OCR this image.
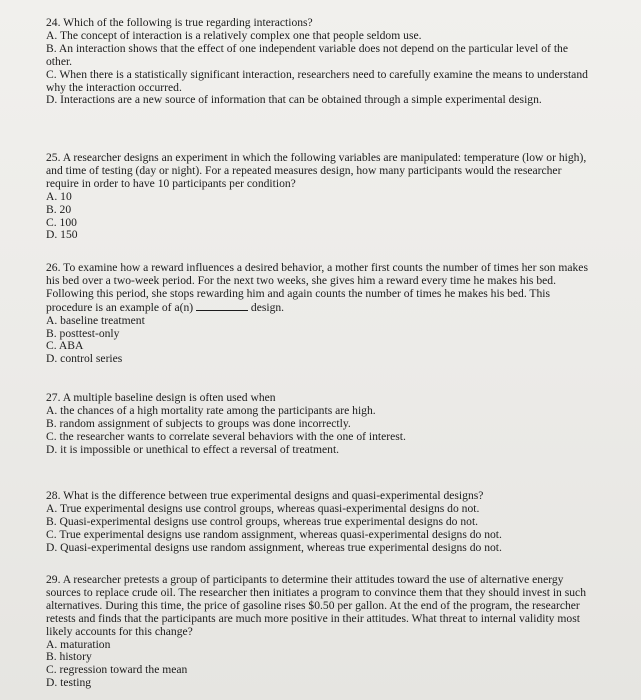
24. Which of the following is true regarding interactions?

A. The concept of interaction is a relatively complex one that people seldom use.

B. An interaction shows that the effect of one independent variable does not depend on the particular level of the other.

C. When there is a statistically significant interaction, researchers need to carefully examine the means to understand why the interaction occurred.

D. Interactions are a new source of information that can be obtained through a simple experimental design.

25. A researcher designs an experiment in which the following variables are manipulated: temperature (low or high), and time of testing (day or night). For a repeated measures design, how many participants would the researcher require in order to have 10 participants per condition?

A. 10

B. 20

C. 100

D. 150

26. To examine how a reward influences a desired behavior, a mother first counts the number of times her son makes his bed over a two-week period. For the next two weeks, she gives him a reward every time he makes his bed. Following this period, she stops rewarding him and again counts the number of times he makes his bed. This procedure is an example of a(n)	design.

A. baseline treatment

B. posttest-only

C. ABA

D. control series

27. A multiple baseline design is often used when

A. the chances of a high mortality rate among the participants are high.

B. random assignment of subjects to groups was done incorrectly.

C. the researcher wants to correlate several behaviors with the one of interest.

D. it is impossible or unethical to effect a reversal of treatment.

28. What is the difference between true experimental designs and quasi-experimental designs?

A. True experimental designs use control groups, whereas quasi-experimental designs do not.

B. Quasi-experimental designs use control groups, whereas true experimental designs do not.

C. True experimental designs use random assignment, whereas quasi-experimental designs do not.

D. Quasi-experimental designs use random assignment, whereas true experimental designs do not.

29. A researcher pretests a group of participants to determine their attitudes toward the use of alternative energy sources to replace crude oil. The researcher then initiates a program to convince them that they should invest in such alternatives. During this time, the price of gasoline rises $0.50 per gallon. At the end of the program, the researcher retests and finds that the participants are much more positive in their attitudes. What threat to internal validity most likely accounts for this change?

A. maturation

B. history

C. regression toward the mean

D. testing
